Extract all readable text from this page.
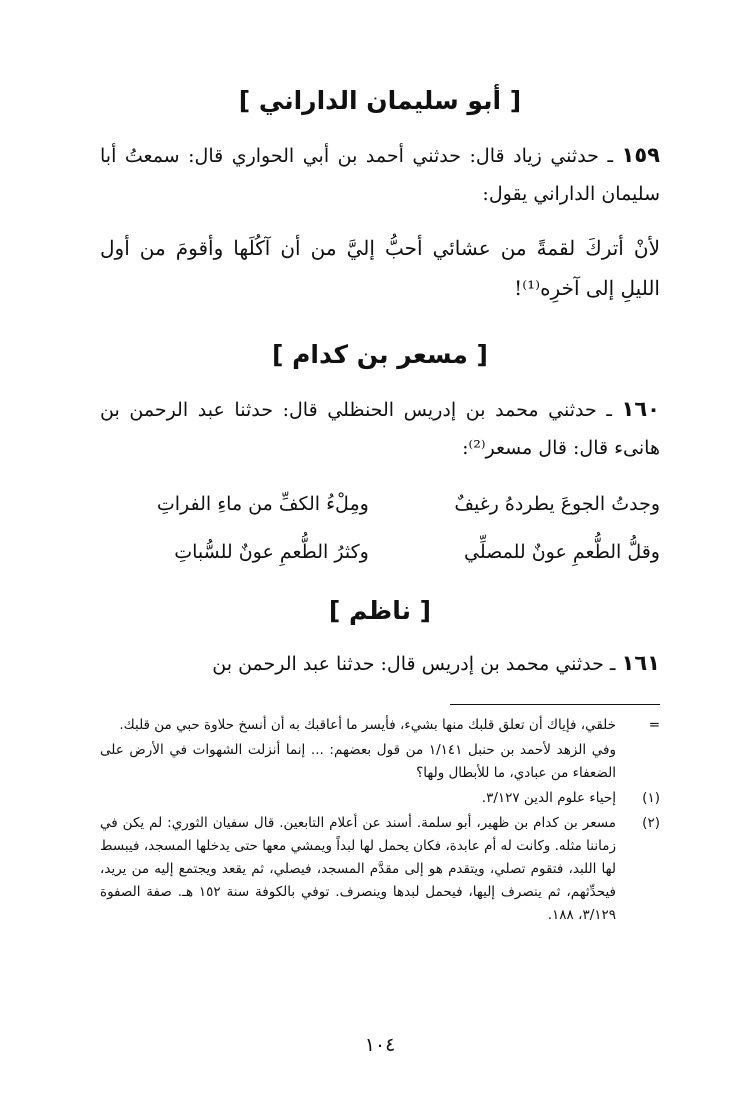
[ أبو سليمان الداراني ]

١٥٩ ـ حدثني زياد قال: حدثني أحمد بن أبي الحواري قال: سمعتُ أبا سليمان الداراني يقول:

لأنْ أتركَ لقمةً من عشائي أحبُّ إليَّ من أن آكُلَها وأقومَ من أول الليلِ إلى آخرِه⁽¹⁾!

[ مسعر بن كدام ]

١٦٠ ـ حدثني محمد بن إدريس الحنظلي قال: حدثنا عبد الرحمن بن هانىء قال: قال مسعر⁽²⁾:

وجدتُ الجوعَ يطردهُ رغيفٌ
ومِلْءُ الكفِّ من ماءِ الفراتِ
وقلُّ الطُّعمِ عونٌ للمصلِّي
وكثرُ الطُّعمِ عونٌ للسُّباتِ
[ ناظم ]

١٦١ ـ حدثني محمد بن إدريس قال: حدثنا عبد الرحمن بن

=
خلقي، فإياك أن تعلق قلبك منها بشيء، فأيسر ما أعاقبك به أن أنسخ حلاوة حبي من قلبك.
وفي الزهد لأحمد بن حنبل ١/١٤١ من قول بعضهم: ... إنما أنزلت الشهوات في الأرض على الضعفاء من عبادي، ما للأبطال ولها؟
(١)
إحياء علوم الدين ٣/١٢٧.
(٢)
مسعر بن كدام بن ظهير، أبو سلمة. أسند عن أعلام التابعين. قال سفيان الثوري: لم يكن في زماننا مثله. وكانت له أم عابدة، فكان يحمل لها لبداً ويمشي معها حتى يدخلها المسجد، فيبسط لها اللبد، فتقوم تصلي، ويتقدم هو إلى مقدَّم المسجد، فيصلي، ثم يقعد ويجتمع إليه من يريد، فيحدِّثهم، ثم ينصرف إليها، فيحمل لبدها وينصرف. توفي بالكوفة سنة ١٥٢ هـ. صفة الصفوة ٣/١٢٩، ١٨٨.
١٠٤
